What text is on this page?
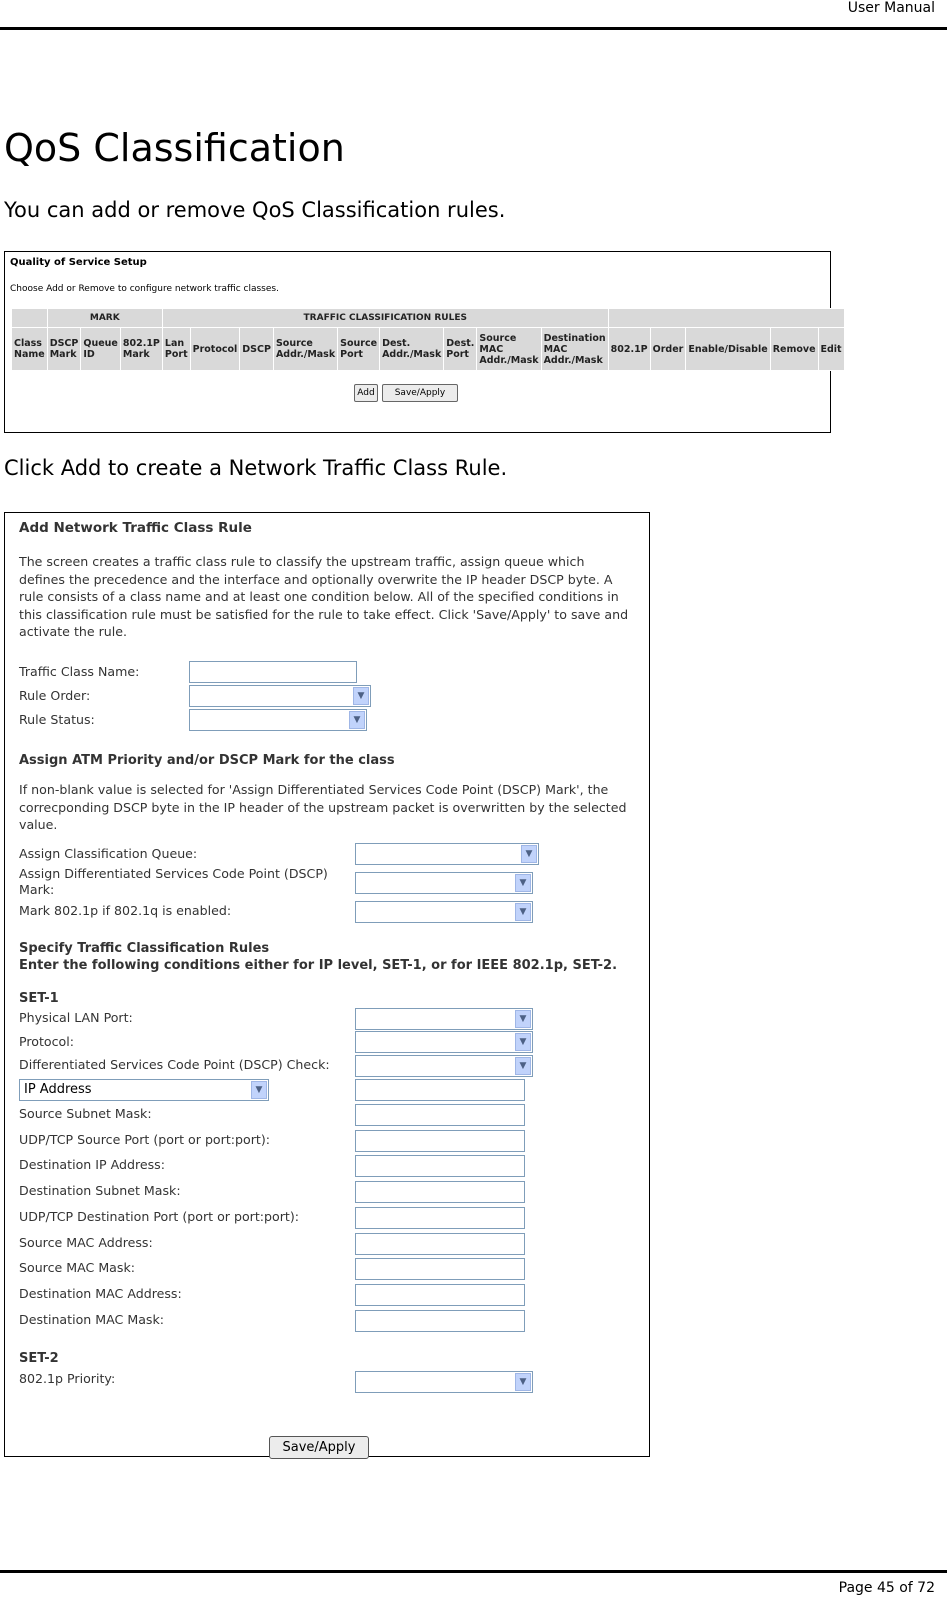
User Manual
QoS Classification

You can add or remove QoS Classification rules.

Quality of Service Setup
Choose Add or Remove to configure network traffic classes.
	MARK			TRAFFIC CLASSIFICATION RULES													
Class Name	DSCP Mark	Queue ID	802.1P Mark	Lan Port	Protocol	DSCP	Source Addr./Mask	Source Port	Dest. Addr./Mask	Dest. Port	Source MAC Addr./Mask	Destination MAC Addr./Mask	802.1P	Order	Enable/Disable	Remove	Edit
Add	Save/Apply

Click Add to create a Network Traffic Class Rule.

Add Network Traffic Class Rule
The screen creates a traffic class rule to classify the upstream traffic, assign queue which defines the precedence and the interface and optionally overwrite the IP header DSCP byte. A rule consists of a class name and at least one condition below. All of the specified conditions in this classification rule must be satisfied for the rule to take effect. Click 'Save/Apply' to save and activate the rule.
Traffic Class Name:
Rule Order:	▼
Rule Status:	▼
Assign ATM Priority and/or DSCP Mark for the class
If non-blank value is selected for 'Assign Differentiated Services Code Point (DSCP) Mark', the correcponding DSCP byte in the IP header of the upstream packet is overwritten by the selected value.
Assign Classification Queue:	▼
Assign Differentiated Services Code Point (DSCP) Mark:	▼
Mark 802.1p if 802.1q is enabled:	▼
Specify Traffic Classification Rules
Enter the following conditions either for IP level, SET-1, or for IEEE 802.1p, SET-2.
SET-1
Physical LAN Port:	▼
Protocol:	▼
Differentiated Services Code Point (DSCP) Check:	▼
IP Address	▼
Source Subnet Mask:
UDP/TCP Source Port (port or port:port):
Destination IP Address:
Destination Subnet Mask:
UDP/TCP Destination Port (port or port:port):
Source MAC Address:
Source MAC Mask:
Destination MAC Address:
Destination MAC Mask:
SET-2
802.1p Priority:	▼
Save/Apply
Page 45 of 72
